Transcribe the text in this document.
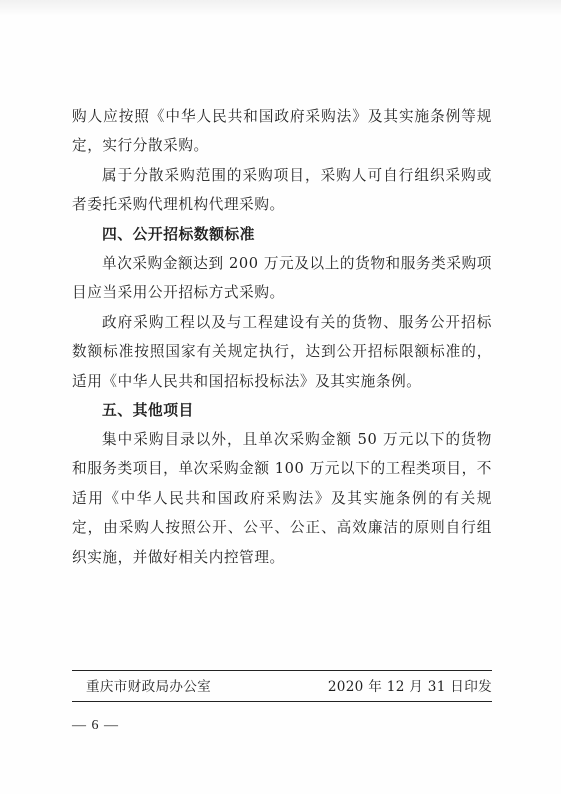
购人应按照《中华人民共和国政府采购法》及其实施条例等规定，实行分散采购。

属于分散采购范围的采购项目，采购人可自行组织采购或者委托采购代理机构代理采购。

四、公开招标数额标准

单次采购金额达到 200 万元及以上的货物和服务类采购项目应当采用公开招标方式采购。

政府采购工程以及与工程建设有关的货物、服务公开招标数额标准按照国家有关规定执行，达到公开招标限额标准的，适用《中华人民共和国招标投标法》及其实施条例。

五、其他项目

集中采购目录以外，且单次采购金额 50 万元以下的货物和服务类项目，单次采购金额 100 万元以下的工程类项目，不适用《中华人民共和国政府采购法》及其实施条例的有关规定，由采购人按照公开、公平、公正、高效廉洁的原则自行组织实施，并做好相关内控管理。

重庆市财政局办公室	2020 年 12 月 31 日印发
— 6 —
